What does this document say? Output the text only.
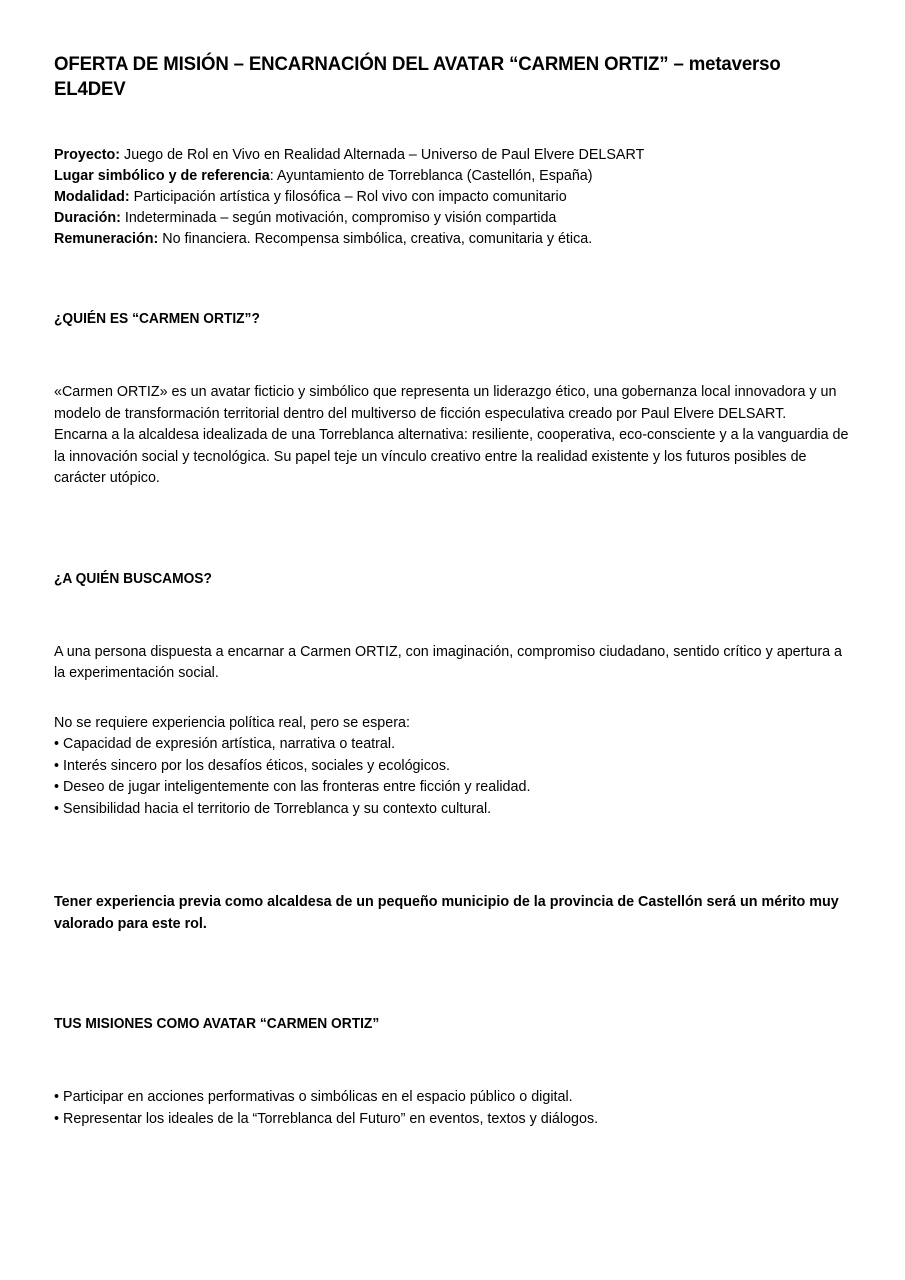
OFERTA DE MISIÓN – ENCARNACIÓN DEL AVATAR “CARMEN ORTIZ” – metaverso EL4DEV
Proyecto: Juego de Rol en Vivo en Realidad Alternada – Universo de Paul Elvere DELSART
Lugar simbólico y de referencia: Ayuntamiento de Torreblanca (Castellón, España)
Modalidad: Participación artística y filosófica – Rol vivo con impacto comunitario
Duración: Indeterminada – según motivación, compromiso y visión compartida
Remuneración: No financiera. Recompensa simbólica, creativa, comunitaria y ética.
¿QUIÉN ES “CARMEN ORTIZ”?
«Carmen ORTIZ» es un avatar ficticio y simbólico que representa un liderazgo ético, una gobernanza local innovadora y un modelo de transformación territorial dentro del multiverso de ficción especulativa creado por Paul Elvere DELSART.
Encarna a la alcaldesa idealizada de una Torreblanca alternativa: resiliente, cooperativa, eco-consciente y a la vanguardia de la innovación social y tecnológica. Su papel teje un vínculo creativo entre la realidad existente y los futuros posibles de carácter utópico.
¿A QUIÉN BUSCAMOS?
A una persona dispuesta a encarnar a Carmen ORTIZ, con imaginación, compromiso ciudadano, sentido crítico y apertura a la experimentación social.
No se requiere experiencia política real, pero se espera:
• Capacidad de expresión artística, narrativa o teatral.
• Interés sincero por los desafíos éticos, sociales y ecológicos.
• Deseo de jugar inteligentemente con las fronteras entre ficción y realidad.
• Sensibilidad hacia el territorio de Torreblanca y su contexto cultural.
Tener experiencia previa como alcaldesa de un pequeño municipio de la provincia de Castellón será un mérito muy valorado para este rol.
TUS MISIONES COMO AVATAR “CARMEN ORTIZ”
• Participar en acciones performativas o simbólicas en el espacio público o digital.
• Representar los ideales de la “Torreblanca del Futuro” en eventos, textos y diálogos.
